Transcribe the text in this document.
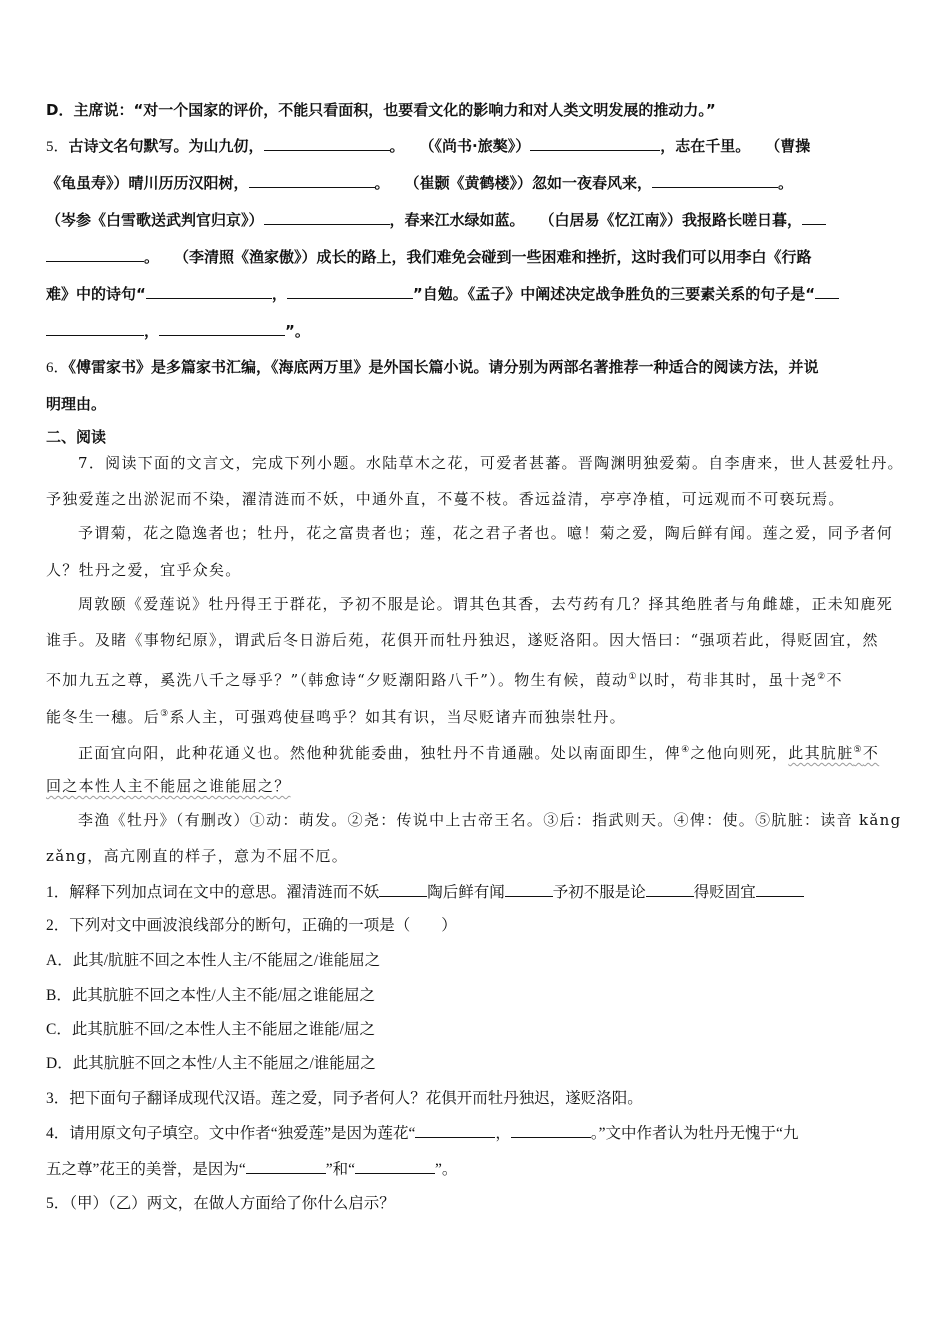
D．主席说：“对一个国家的评价，不能只看面积，也要看文化的影响力和对人类文明发展的推动力。”
5．古诗文名句默写。为山九仞，	。　　（《尚书·旅獒》）	，志在千里。　　（曹操
《龟虽寿》）晴川历历汉阳树，	。　　（崔颢《黄鹤楼》）忽如一夜春风来，	。
（岑参《白雪歌送武判官归京》）	，春来江水绿如蓝。　　（白居易《忆江南》）我报路长嗟日暮，
。　　（李清照《渔家傲》）成长的路上，我们难免会碰到一些困难和挫折，这时我们可以用李白《行路
难》中的诗句“	，	”自勉。《孟子》中阐述决定战争胜负的三要素关系的句子是“
，	”。
6．《傅雷家书》是多篇家书汇编，《海底两万里》是外国长篇小说。请分别为两部名著推荐一种适合的阅读方法，并说
明理由。
二、阅读
7．阅读下面的文言文，完成下列小题。水陆草木之花，可爱者甚蕃。晋陶渊明独爱菊。自李唐来，世人甚爱牡丹。
予独爱莲之出淤泥而不染，濯清涟而不妖，中通外直，不蔓不枝。香远益清，亭亭净植，可远观而不可亵玩焉。
予谓菊，花之隐逸者也；牡丹，花之富贵者也；莲，花之君子者也。噫！菊之爱，陶后鲜有闻。莲之爱，同予者何
人？牡丹之爱，宜乎众矣。
周敦颐《爱莲说》牡丹得王于群花，予初不服是论。谓其色其香，去芍药有几？择其绝胜者与角雌雄，正未知鹿死
谁手。及睹《事物纪原》，谓武后冬日游后苑，花俱开而牡丹独迟，遂贬洛阳。因大悟曰：“强项若此，得贬固宜，然
不加九五之尊，奚洗八千之辱乎？”（韩愈诗“夕贬潮阳路八千”）。物生有候，葭动①以时，苟非其时，虽十尧②不
能冬生一穗。后③系人主，可强鸡使昼鸣乎？如其有识，当尽贬诸卉而独崇牡丹。
正面宜向阳，此种花通义也。然他种犹能委曲，独牡丹不肯通融。处以南面即生，俾④之他向则死，此其肮脏⑤不
回之本性人主不能屈之谁能屈之？
李渔《牡丹》（有删改）①动：萌发。②尧：传说中上古帝王名。③后：指武则天。④俾：使。⑤肮脏：读音 kǎng
zǎng，高亢刚直的样子，意为不屈不厄。
1．解释下列加点词在文中的意思。濯清涟而不妖	陶后鲜有闻	予初不服是论	得贬固宜
2．下列对文中画波浪线部分的断句，正确的一项是（　　）
A．此其/肮脏不回之本性人主/不能屈之/谁能屈之
B．此其肮脏不回之本性/人主不能/屈之谁能屈之
C．此其肮脏不回/之本性人主不能屈之谁能/屈之
D．此其肮脏不回之本性/人主不能屈之/谁能屈之
3．把下面句子翻译成现代汉语。莲之爱，同予者何人？花俱开而牡丹独迟，遂贬洛阳。
4．请用原文句子填空。文中作者“独爱莲”是因为莲花“	，	。”文中作者认为牡丹无愧于“九
五之尊”花王的美誉，是因为“	”和“	”。
5．（甲）（乙）两文，在做人方面给了你什么启示？
